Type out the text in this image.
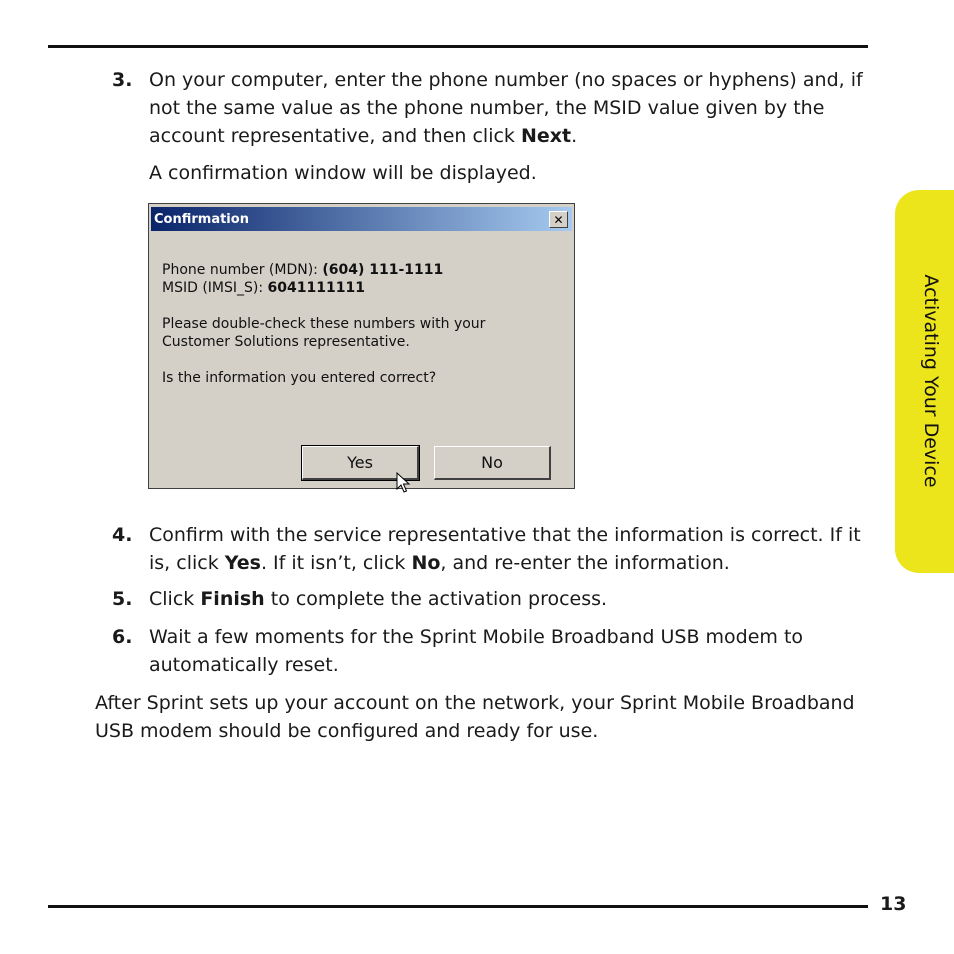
3. On your computer, enter the phone number (no spaces or hyphens) and, if not the same value as the phone number, the MSID value given by the account representative, and then click Next.
A confirmation window will be displayed.
Confirmation	✕
Phone number (MDN): (604) 111-1111
MSID (IMSI_S): 6041111111
Please double-check these numbers with your
Customer Solutions representative.
Is the information you entered correct?
Yes	No
4. Confirm with the service representative that the information is correct. If it is, click Yes. If it isn’t, click No, and re-enter the information.
5. Click Finish to complete the activation process.
6. Wait a few moments for the Sprint Mobile Broadband USB modem to automatically reset.
After Sprint sets up your account on the network, your Sprint Mobile Broadband USB modem should be configured and ready for use.
Activating Your Device
13
